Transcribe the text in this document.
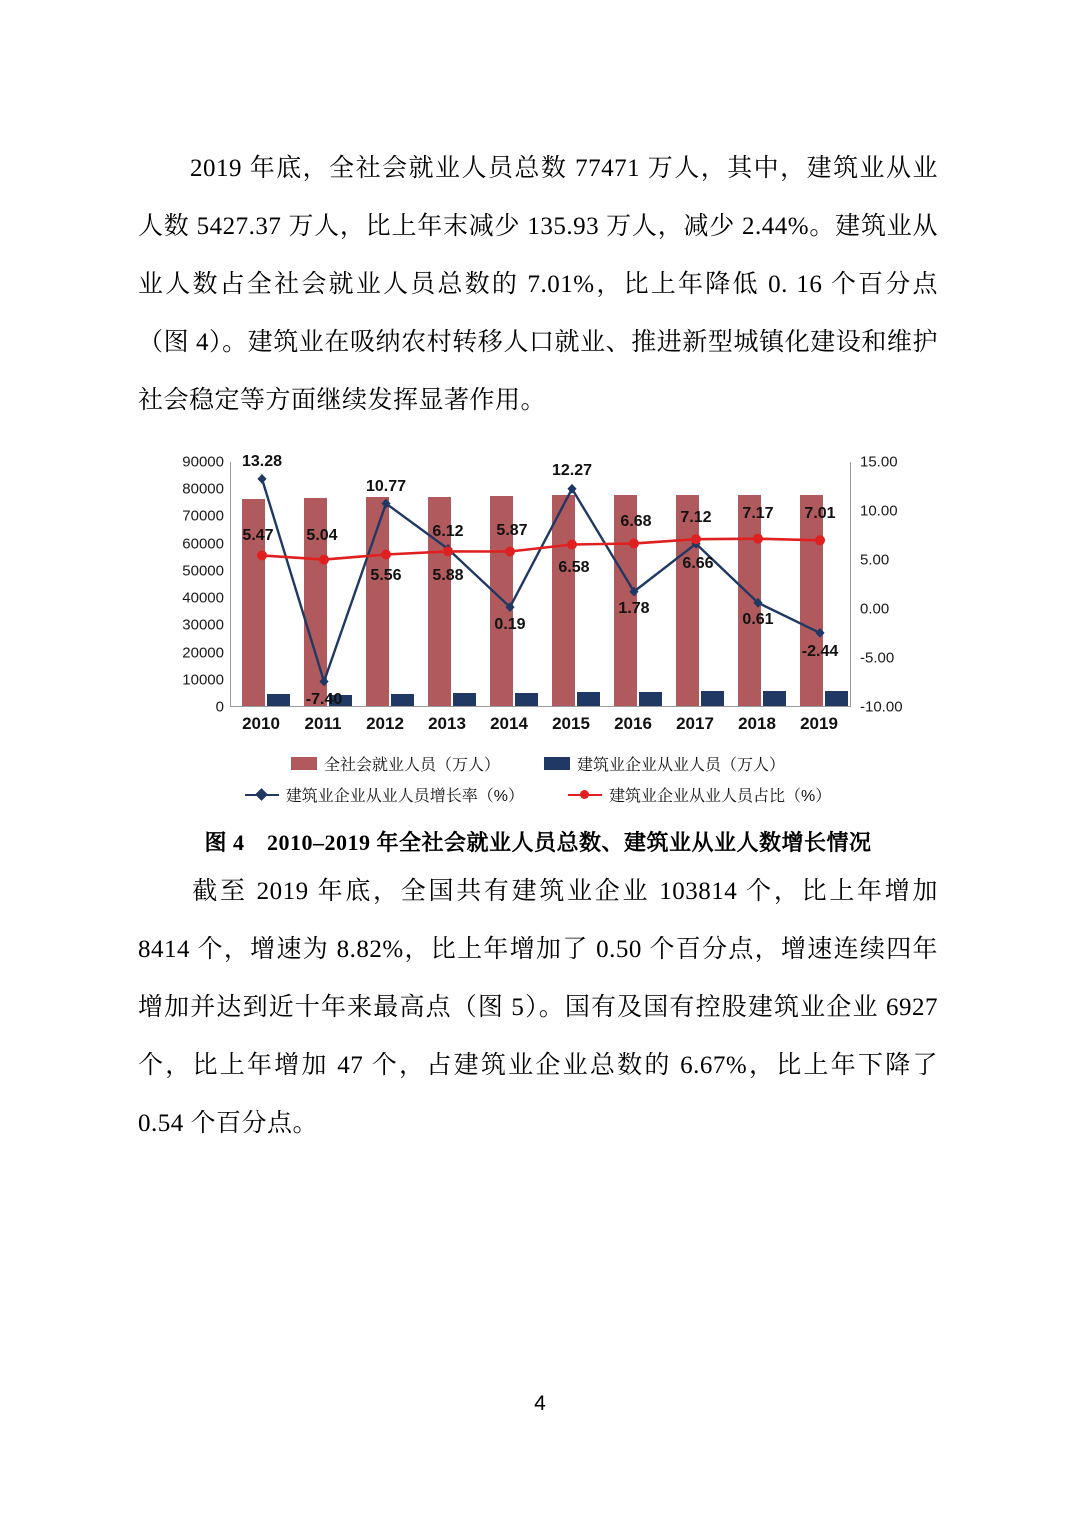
2019 年底，全社会就业人员总数 77471 万人，其中，建筑业从业人数 5427.37 万人，比上年末减少 135.93 万人，减少 2.44%。建筑业从业人数占全社会就业人员总数的 7.01%，比上年降低 0. 16 个百分点（图 4）。建筑业在吸纳农村转移人口就业、推进新型城镇化建设和维护社会稳定等方面继续发挥显著作用。

90000
80000
70000
60000
50000
40000
30000
20000
10000
0
15.00
10.00
5.00
0.00
-5.00
-10.00
13.28
-7.40
10.77
6.12
0.19
12.27
1.78
6.66
0.61
-2.44
5.47 5.04
5.56 5.88
5.87
6.58
6.68 7.12 7.17 7.01
2010	2011	2012	2013	2014	2015	2016	2017	2018	2019
全社会就业人员（万人）	建筑业企业从业人员（万人）
建筑业企业从业人员增长率（%）	建筑业企业从业人员占比（%）
图 4　2010–2019 年全社会就业人员总数、建筑业从业人数增长情况

截至 2019 年底，全国共有建筑业企业 103814 个，比上年增加 8414 个，增速为 8.82%，比上年增加了 0.50 个百分点，增速连续四年增加并达到近十年来最高点（图 5）。国有及国有控股建筑业企业 6927 个，比上年增加 47 个，占建筑业企业总数的 6.67%，比上年下降了 0.54 个百分点。

4
